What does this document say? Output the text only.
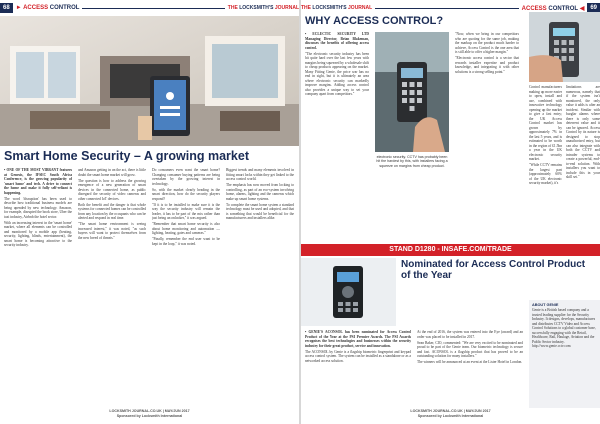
68	► ACCESS CONTROL	THE LOCKSMITH'S JOURNAL
Smart Home Security – A growing market

• ONE OF THE MOST VIBRANT features at Genesis, the IFSEC South Africa Conference, is the growing popularity of 'smart home' and tech. A drive to connect the home and make it fully self-reliant is happening.

The word 'disruption' has been used to describe how traditional business models are being upended by new technology. Amazon, for example, disrupted the book store, Uber the taxi industry, Airbnb the hotel sector.

With an increasing interest in the 'smart home' market, where all elements can be controlled and monitored by a mobile app (heating, security, lighting, blinds, entertainment), the smart home is becoming attractive to the security industry.

and Amazon getting in on the act, there is little doubt the smart home market will grow.

The question is how to address the growing emergence of a new generation of smart devices in the connected home, as public disregard the security of video cameras and other connected IoT devices.

Both the benefit and the danger is that whole systems for connected homes can be controlled from any location by the occupants who can be alerted and respond in real time.

"The smart home environment is seeing increased interest," it was noted, "as such buyers will want to protect themselves from the new breed of threats."

Do consumers even want the smart home? Changing consumer buying patterns are being overtaken by the growing interest in technology.

So, with the market clearly heading in the smart direction, how do the security players respond?

"If it is to be installed to make sure it is the way the security industry will remain the leader, it has to be part of the mix rather than just being an onlooker," it was argued.

"Remember that smart home security is also about home monitoring and automation — lighting, heating, gates and cameras."

"Finally, remember the end user want to be kept in the loop," it was noted.

Biggest trends and many elements involved in fitting smart locks within they get linked to the access control world.

The emphasis has now moved from locking to controlling, as part of an eco-system involving home, alarms, lighting and the cameras which make up smart home systems.

To complete the smart home system a standard technology must be used and adopted, and that is something that would be beneficial for the manufacturers and installers alike.

LOCKSMITH JOURNAL.CO.UK | MAY/JUN 2017
Sponsored by Locksmith International
THE LOCKSMITH'S JOURNAL	ACCESS CONTROL ◀	69
WHY ACCESS CONTROL?

• ECLECTIC SECURITY LTD Managing Director, Brian Blakeman, discusses the benefits of offering access control.

"The electronic security industry has been hit quite hard over the last few years with margins being squeezed by a wholesale shift to cheap products appearing on the market. Many Fitting Genie, the price war has no end in sight, but it is ultimately an area where electronic security can markedly improve margins. Adding access control also provides a unique way to set your company apart from competitors."

electronic security. CCTV has probably been hit the hardest by this, with installers facing a squeeze on margins from cheap product.

"Now, when we bring in our competitors who are quoting for the same job, making the markup on the product much harder to achieve, Access Control is the one area that is still able to offer a higher margin."

"Electronic access control is a sector that rewards installer expertise and product knowledge, and integrating it with other solutions is a strong selling point."

Control manufacturers making up more easier to open, install and use, combined with innovative technology opening up the market to give a fast entry; the UK Access Control market has grown by approximately 7% in the last 5 years, and is estimated to be worth in the region of £1.5bn a year in the UK electronic security market.

"While CCTV remains the largest part (approximately 60% of the UK electronic security market), it's

limitations are numerous, namely that if the system isn't monitored, the only value it adds is after an incident. Similar with burglar alarms where there is only some deterrent value and it can be ignored. Access Control by its nature is designed to stop unauthorised entry, but can also integrate with both the CCTV and intruder systems to create a powerful, end-to-end solution. With installers you want to include this in your skill set."

STAND D1280 - INSAFE.COM/TRADE
Nominated for Access Control Product of the Year

• GENIE'S ACONSOL has been nominated for Access Control Product of the Year at the PSI Premier Awards. The PSI Awards recognises the best technologies and businesses within the security industry for their great product, service and innovation.

The ACONSOL by Genie is a flagship biometric fingerprint and keypad access control system. The system can be installed as a standalone or as a networked access solution.

At the end of 2016, the system was entered into the Eye (award) and an order was placed to be installed in 2017.

Sean Baker, CIO, commented: "We are very excited to be nominated and proud to be part of the Genie team. Our biometric technology is secure and fast. ACONSOL is a flagship product that has proved to be an outstanding solution for many installers."

The winners will be announced at an event at the Lister Hotel in London.

ABOUT GENIE
Genie is a British based company and a trusted leading supplier for the Security Industry. It designs, develops, manufactures and distributes CCTV Video and Access Control Solutions to a global customer base, successfully engaging with the Retail, Healthcare, Rail, Haulage, Aviation and the Public Sector industry. http://www.genie.cctv.com
LOCKSMITH JOURNAL.CO.UK | MAY/JUN 2017
Sponsored by Locksmith International
